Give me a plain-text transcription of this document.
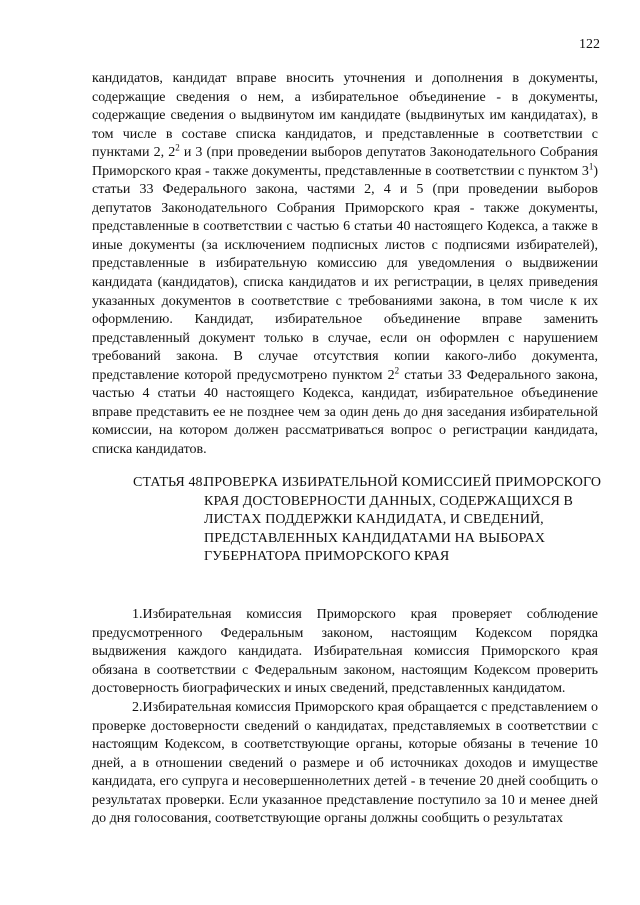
122

кандидатов, кандидат вправе вносить уточнения и дополнения в документы, содержащие сведения о нем, а избирательное объединение - в документы, содержащие сведения о выдвинутом им кандидате (выдвинутых им кандидатах), в том числе в составе списка кандидатов, и представленные в соответствии с пунктами 2, $2^2$ и 3 (при проведении выборов депутатов Законодательного Собрания Приморского края - также документы, представленные в соответствии с пунктом $3^1$) статьи 33 Федерального закона, частями 2, 4 и 5 (при проведении выборов депутатов Законодательного Собрания Приморского края - также документы, представленные в соответствии с частью 6 статьи 40 настоящего Кодекса, а также в иные документы (за исключением подписных листов с подписями избирателей), представленные в избирательную комиссию для уведомления о выдвижении кандидата (кандидатов), списка кандидатов и их регистрации, в целях приведения указанных документов в соответствие с требованиями закона, в том числе к их оформлению. Кандидат, избирательное объединение вправе заменить представленный документ только в случае, если он оформлен с нарушением требований закона. В случае отсутствия копии какого-либо документа, представление которой предусмотрено пунктом $2^2$ статьи 33 Федерального закона, частью 4 статьи 40 настоящего Кодекса, кандидат, избирательное объединение вправе представить ее не позднее чем за один день до дня заседания избирательной комиссии, на котором должен рассматриваться вопрос о регистрации кандидата, списка кандидатов.

СТАТЬЯ 48.
ПРОВЕРКА ИЗБИРАТЕЛЬНОЙ КОМИССИЕЙ ПРИМОРСКОГО КРАЯ ДОСТОВЕРНОСТИ ДАННЫХ, СОДЕРЖАЩИХСЯ В ЛИСТАХ ПОДДЕРЖКИ КАНДИДАТА, И СВЕДЕНИЙ, ПРЕДСТАВЛЕННЫХ КАНДИДАТАМИ НА ВЫБОРАХ ГУБЕРНАТОРА ПРИМОРСКОГО КРАЯ

1.Избирательная комиссия Приморского края проверяет соблюдение предусмотренного Федеральным законом, настоящим Кодексом порядка выдвижения каждого кандидата. Избирательная комиссия Приморского края обязана в соответствии с Федеральным законом, настоящим Кодексом проверить достоверность биографических и иных сведений, представленных кандидатом.

2.Избирательная комиссия Приморского края обращается с представлением о проверке достоверности сведений о кандидатах, представляемых в соответствии с настоящим Кодексом, в соответствующие органы, которые обязаны в течение 10 дней, а в отношении сведений о размере и об источниках доходов и имуществе кандидата, его супруга и несовершеннолетних детей - в течение 20 дней сообщить о результатах проверки. Если указанное представление поступило за 10 и менее дней до дня голосования, соответствующие органы должны сообщить о результатах
